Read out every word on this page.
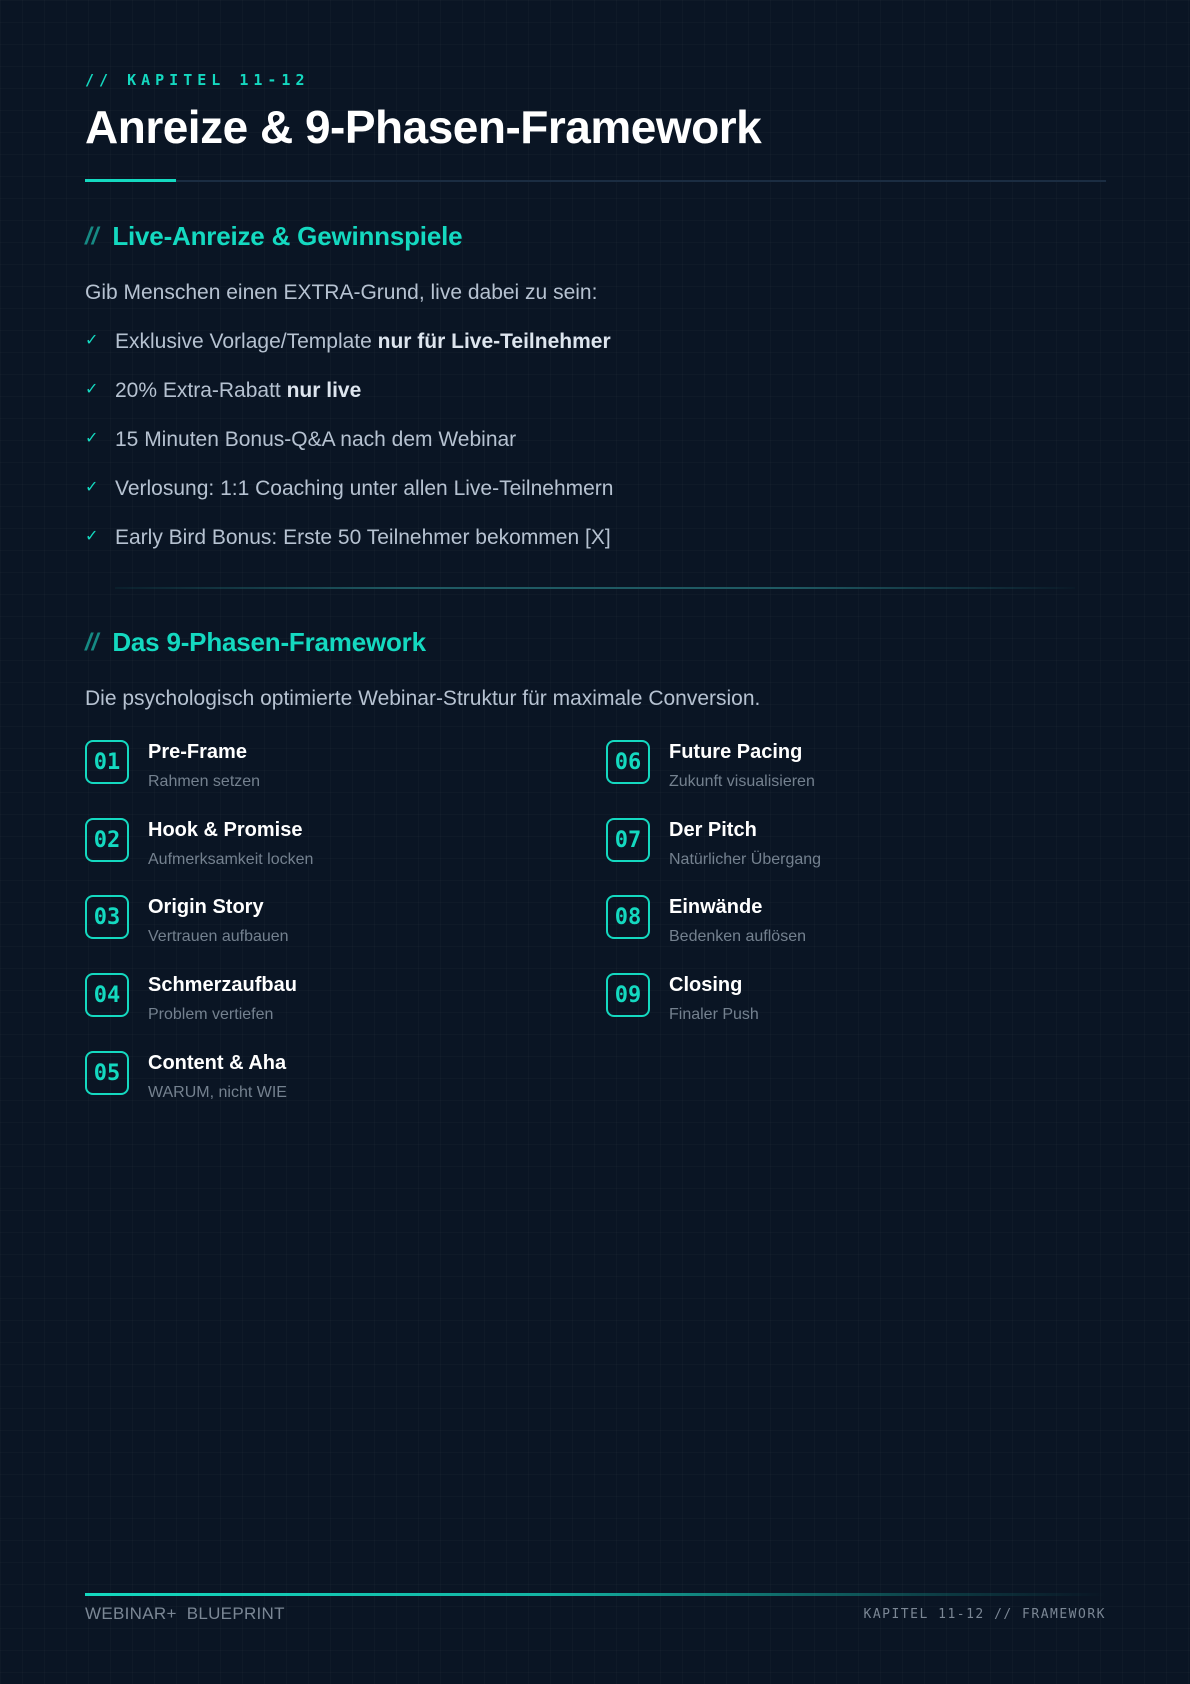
// KAPITEL 11-12
Anreize & 9-Phasen-Framework
// Live-Anreize & Gewinnspiele
Gib Menschen einen EXTRA-Grund, live dabei zu sein:
✓ Exklusive Vorlage/Template nur für Live-Teilnehmer
✓ 20% Extra-Rabatt nur live
✓ 15 Minuten Bonus-Q&A nach dem Webinar
✓ Verlosung: 1:1 Coaching unter allen Live-Teilnehmern
✓ Early Bird Bonus: Erste 50 Teilnehmer bekommen [X]
// Das 9-Phasen-Framework
Die psychologisch optimierte Webinar-Struktur für maximale Conversion.
01	Pre-Frame
Rahmen setzen
02	Hook & Promise
Aufmerksamkeit locken
03	Origin Story
Vertrauen aufbauen
04	Schmerzaufbau
Problem vertiefen
05	Content & Aha
WARUM, nicht WIE
06	Future Pacing
Zukunft visualisieren
07	Der Pitch
Natürlicher Übergang
08	Einwände
Bedenken auflösen
09	Closing
Finaler Push
WEBINAR+  BLUEPRINT	KAPITEL 11-12 // FRAMEWORK
